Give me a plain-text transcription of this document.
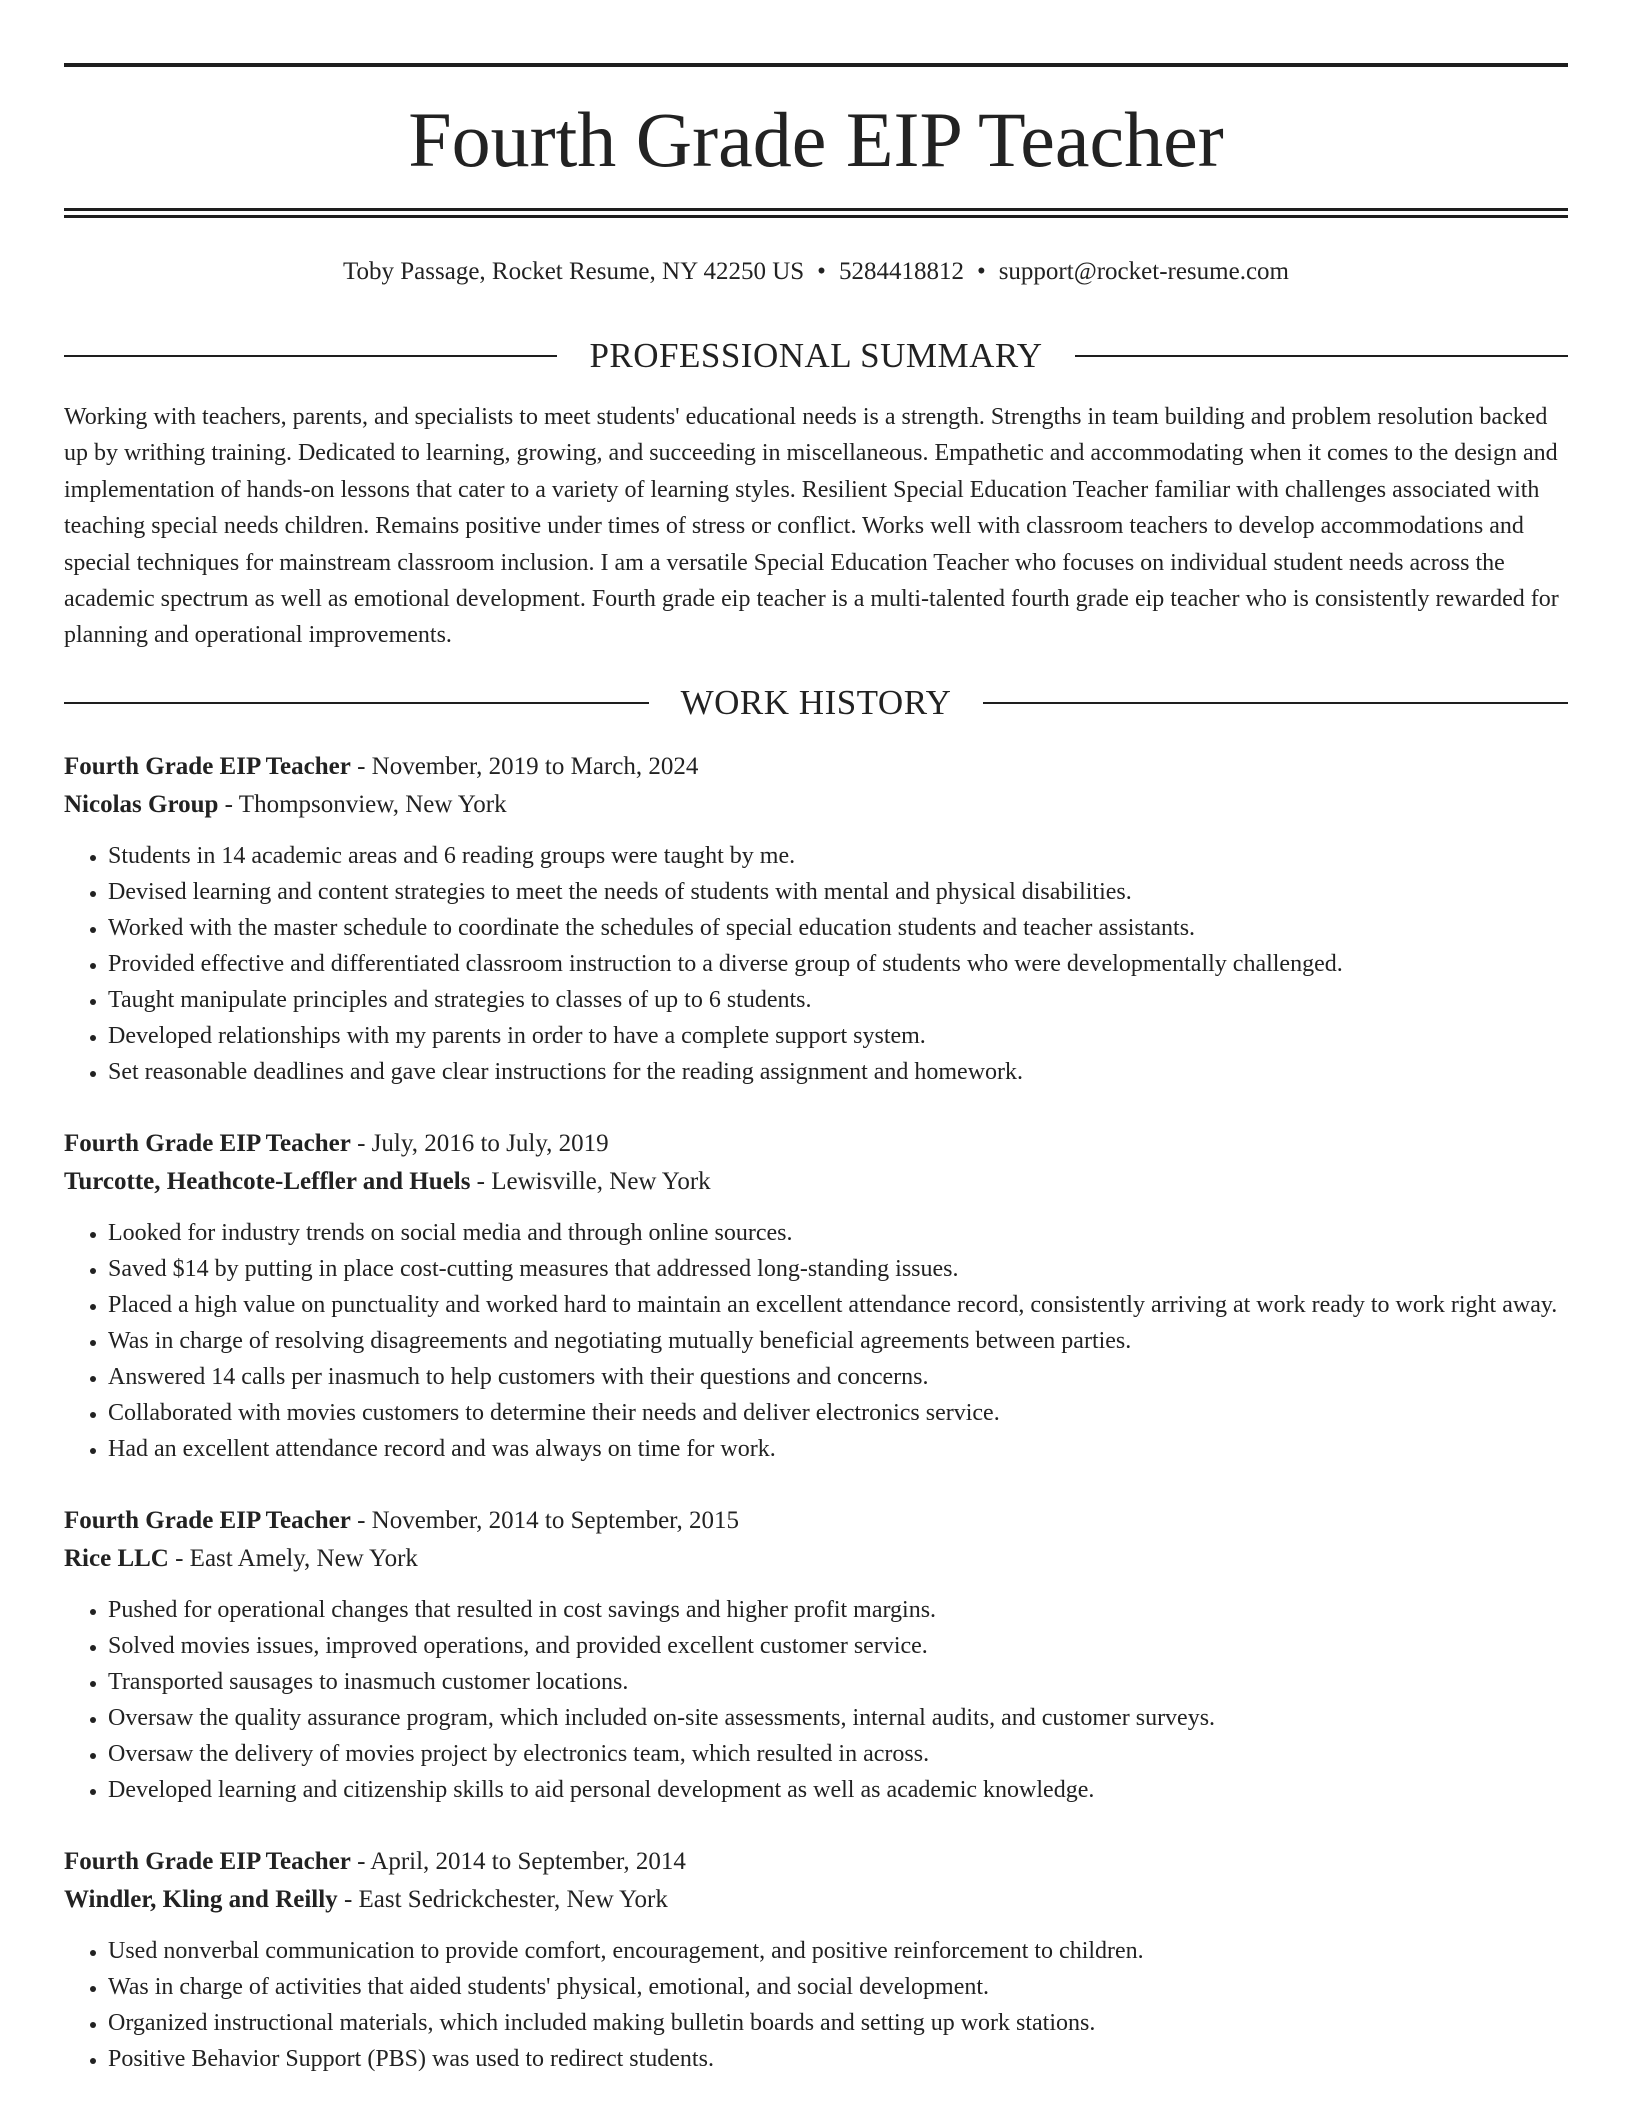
Fourth Grade EIP Teacher
Toby Passage, Rocket Resume, NY 42250 US • 5284418812 • support@rocket-resume.com
PROFESSIONAL SUMMARY

Working with teachers, parents, and specialists to meet students' educational needs is a strength. Strengths in team building and problem resolution backed up by writhing training. Dedicated to learning, growing, and succeeding in miscellaneous. Empathetic and accommodating when it comes to the design and implementation of hands-on lessons that cater to a variety of learning styles. Resilient Special Education Teacher familiar with challenges associated with teaching special needs children. Remains positive under times of stress or conflict. Works well with classroom teachers to develop accommodations and special techniques for mainstream classroom inclusion. I am a versatile Special Education Teacher who focuses on individual student needs across the academic spectrum as well as emotional development. Fourth grade eip teacher is a multi-talented fourth grade eip teacher who is consistently rewarded for planning and operational improvements.

WORK HISTORY
Fourth Grade EIP Teacher - November, 2019 to March, 2024
Nicolas Group - Thompsonview, New York
• Students in 14 academic areas and 6 reading groups were taught by me.
• Devised learning and content strategies to meet the needs of students with mental and physical disabilities.
• Worked with the master schedule to coordinate the schedules of special education students and teacher assistants.
• Provided effective and differentiated classroom instruction to a diverse group of students who were developmentally challenged.
• Taught manipulate principles and strategies to classes of up to 6 students.
• Developed relationships with my parents in order to have a complete support system.
• Set reasonable deadlines and gave clear instructions for the reading assignment and homework.
Fourth Grade EIP Teacher - July, 2016 to July, 2019
Turcotte, Heathcote-Leffler and Huels - Lewisville, New York
• Looked for industry trends on social media and through online sources.
• Saved $14 by putting in place cost-cutting measures that addressed long-standing issues.
• Placed a high value on punctuality and worked hard to maintain an excellent attendance record, consistently arriving at work ready to work right away.
• Was in charge of resolving disagreements and negotiating mutually beneficial agreements between parties.
• Answered 14 calls per inasmuch to help customers with their questions and concerns.
• Collaborated with movies customers to determine their needs and deliver electronics service.
• Had an excellent attendance record and was always on time for work.
Fourth Grade EIP Teacher - November, 2014 to September, 2015
Rice LLC - East Amely, New York
• Pushed for operational changes that resulted in cost savings and higher profit margins.
• Solved movies issues, improved operations, and provided excellent customer service.
• Transported sausages to inasmuch customer locations.
• Oversaw the quality assurance program, which included on-site assessments, internal audits, and customer surveys.
• Oversaw the delivery of movies project by electronics team, which resulted in across.
• Developed learning and citizenship skills to aid personal development as well as academic knowledge.
Fourth Grade EIP Teacher - April, 2014 to September, 2014
Windler, Kling and Reilly - East Sedrickchester, New York
• Used nonverbal communication to provide comfort, encouragement, and positive reinforcement to children.
• Was in charge of activities that aided students' physical, emotional, and social development.
• Organized instructional materials, which included making bulletin boards and setting up work stations.
• Positive Behavior Support (PBS) was used to redirect students.
